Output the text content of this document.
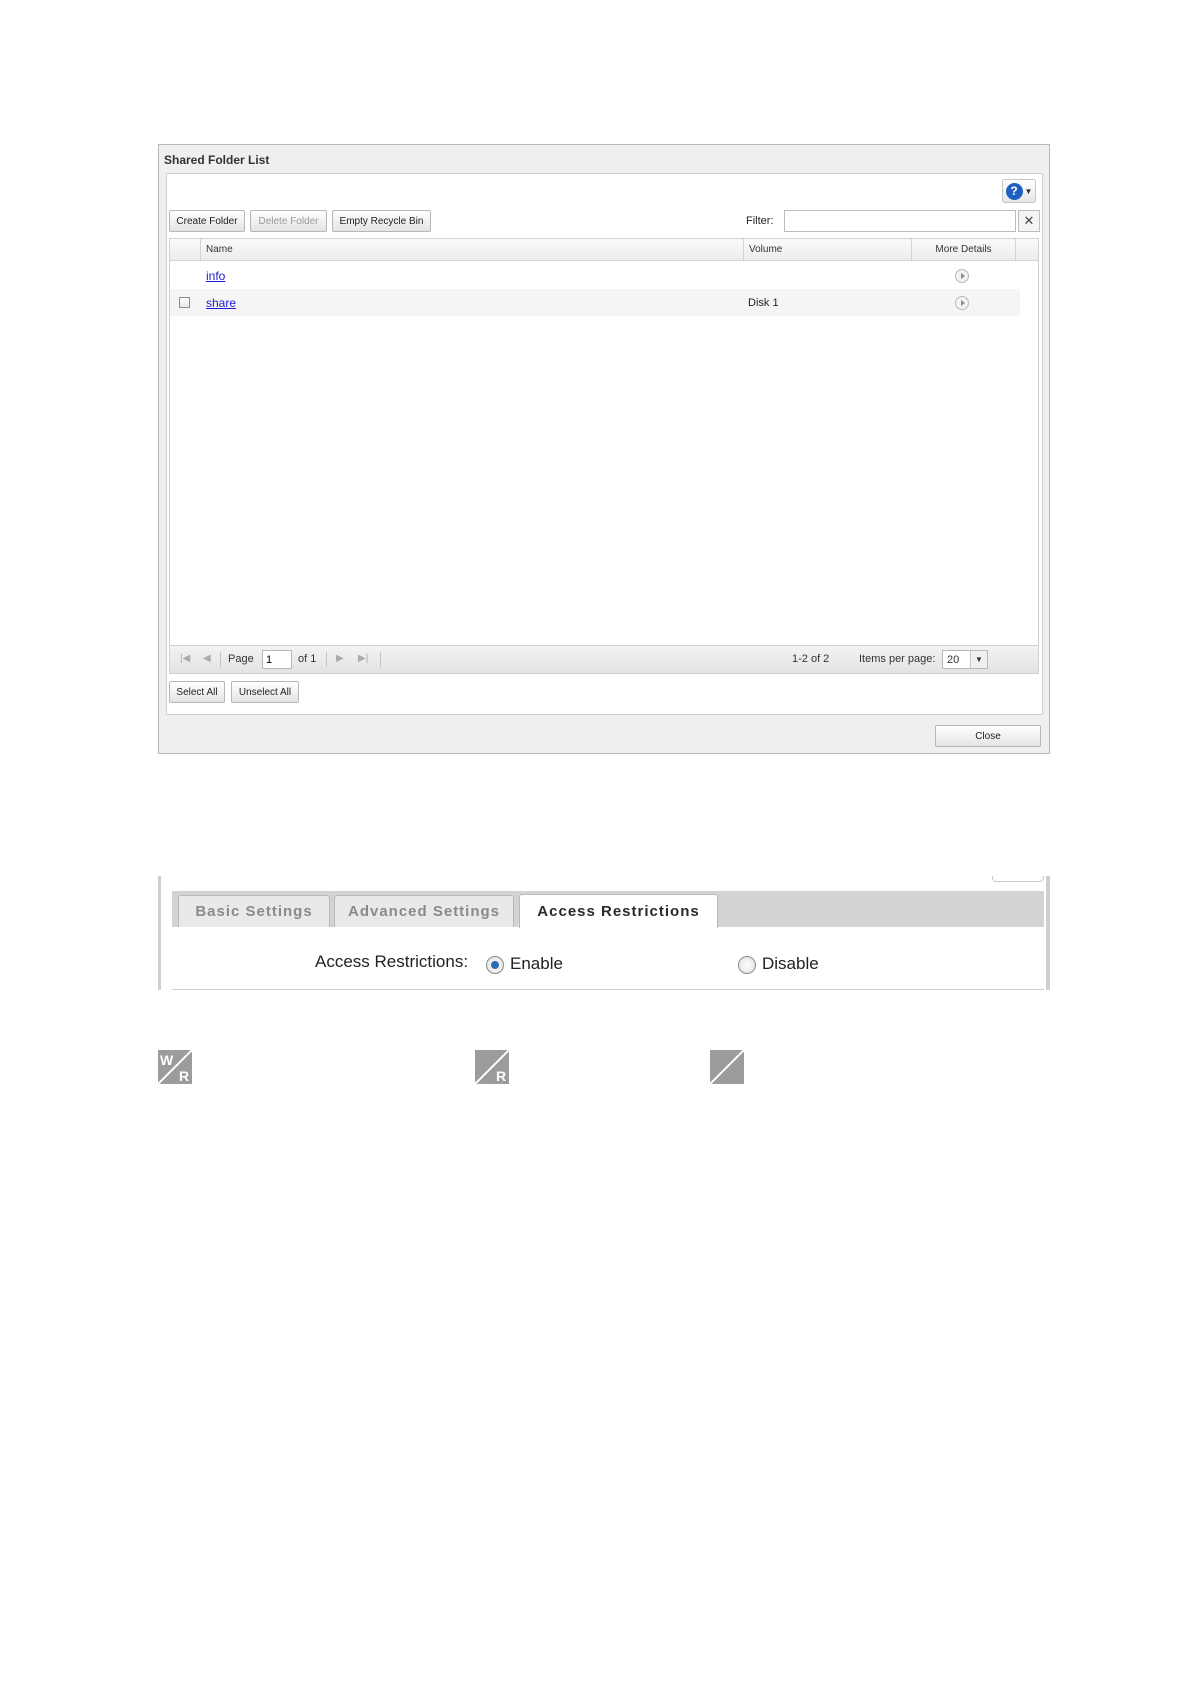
Shared Folder List
? ▼
Create Folder	Delete Folder	Empty Recycle Bin	Filter:	✕
Name	Volume	More Details
info
share	Disk 1
|◀ ◀ Page
1	of 1 ▶ ▶|	1-2 of 2	Items per page:	20	▼
Select All	Unselect All
Close
Basic Settings	Advanced Settings	Access Restrictions
Access Restrictions: Enable	Disable
W
R	R
